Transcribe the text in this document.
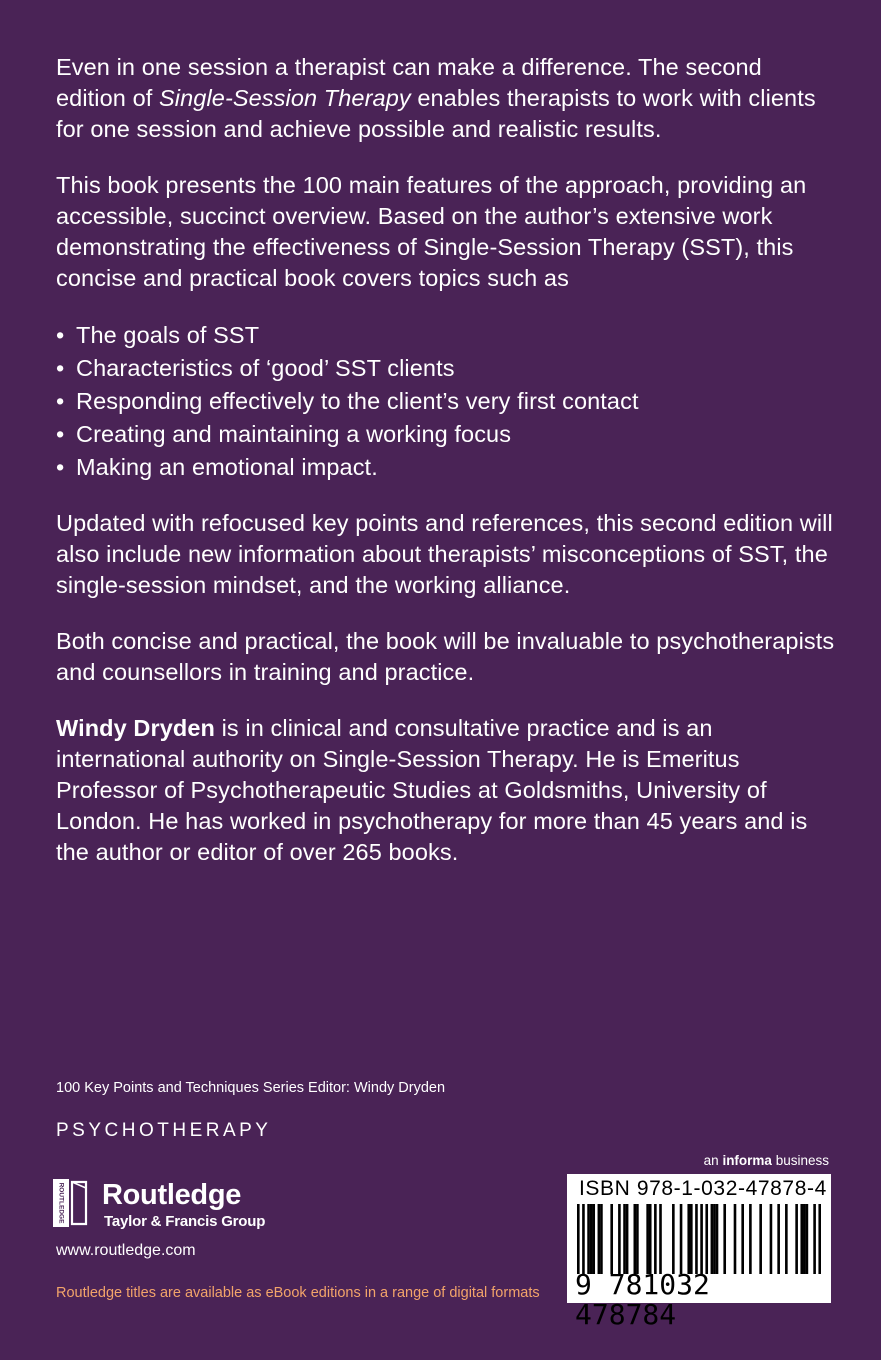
Even in one session a therapist can make a difference. The second edition of Single-Session Therapy enables therapists to work with clients for one session and achieve possible and realistic results.

This book presents the 100 main features of the approach, providing an accessible, succinct overview. Based on the author’s extensive work demonstrating the effectiveness of Single-Session Therapy (SST), this concise and practical book covers topics such as

• The goals of SST
• Characteristics of ‘good’ SST clients
• Responding effectively to the client’s very first contact
• Creating and maintaining a working focus
• Making an emotional impact.

Updated with refocused key points and references, this second edition will also include new information about therapists’ misconceptions of SST, the single-session mindset, and the working alliance.

Both concise and practical, the book will be invaluable to psychotherapists and counsellors in training and practice.

Windy Dryden is in clinical and consultative practice and is an international authority on Single-Session Therapy. He is Emeritus Professor of Psychotherapeutic Studies at Goldsmiths, University of London. He has worked in psychotherapy for more than 45 years and is the author or editor of over 265 books.

100 Key Points and Techniques Series Editor: Windy Dryden
PSYCHOTHERAPY
ROUTLEDGE Routledge
Taylor & Francis Group
www.routledge.com
Routledge titles are available as eBook editions in a range of digital formats
an informa business
ISBN 978-1-032-47878-4
9 781032 478784
